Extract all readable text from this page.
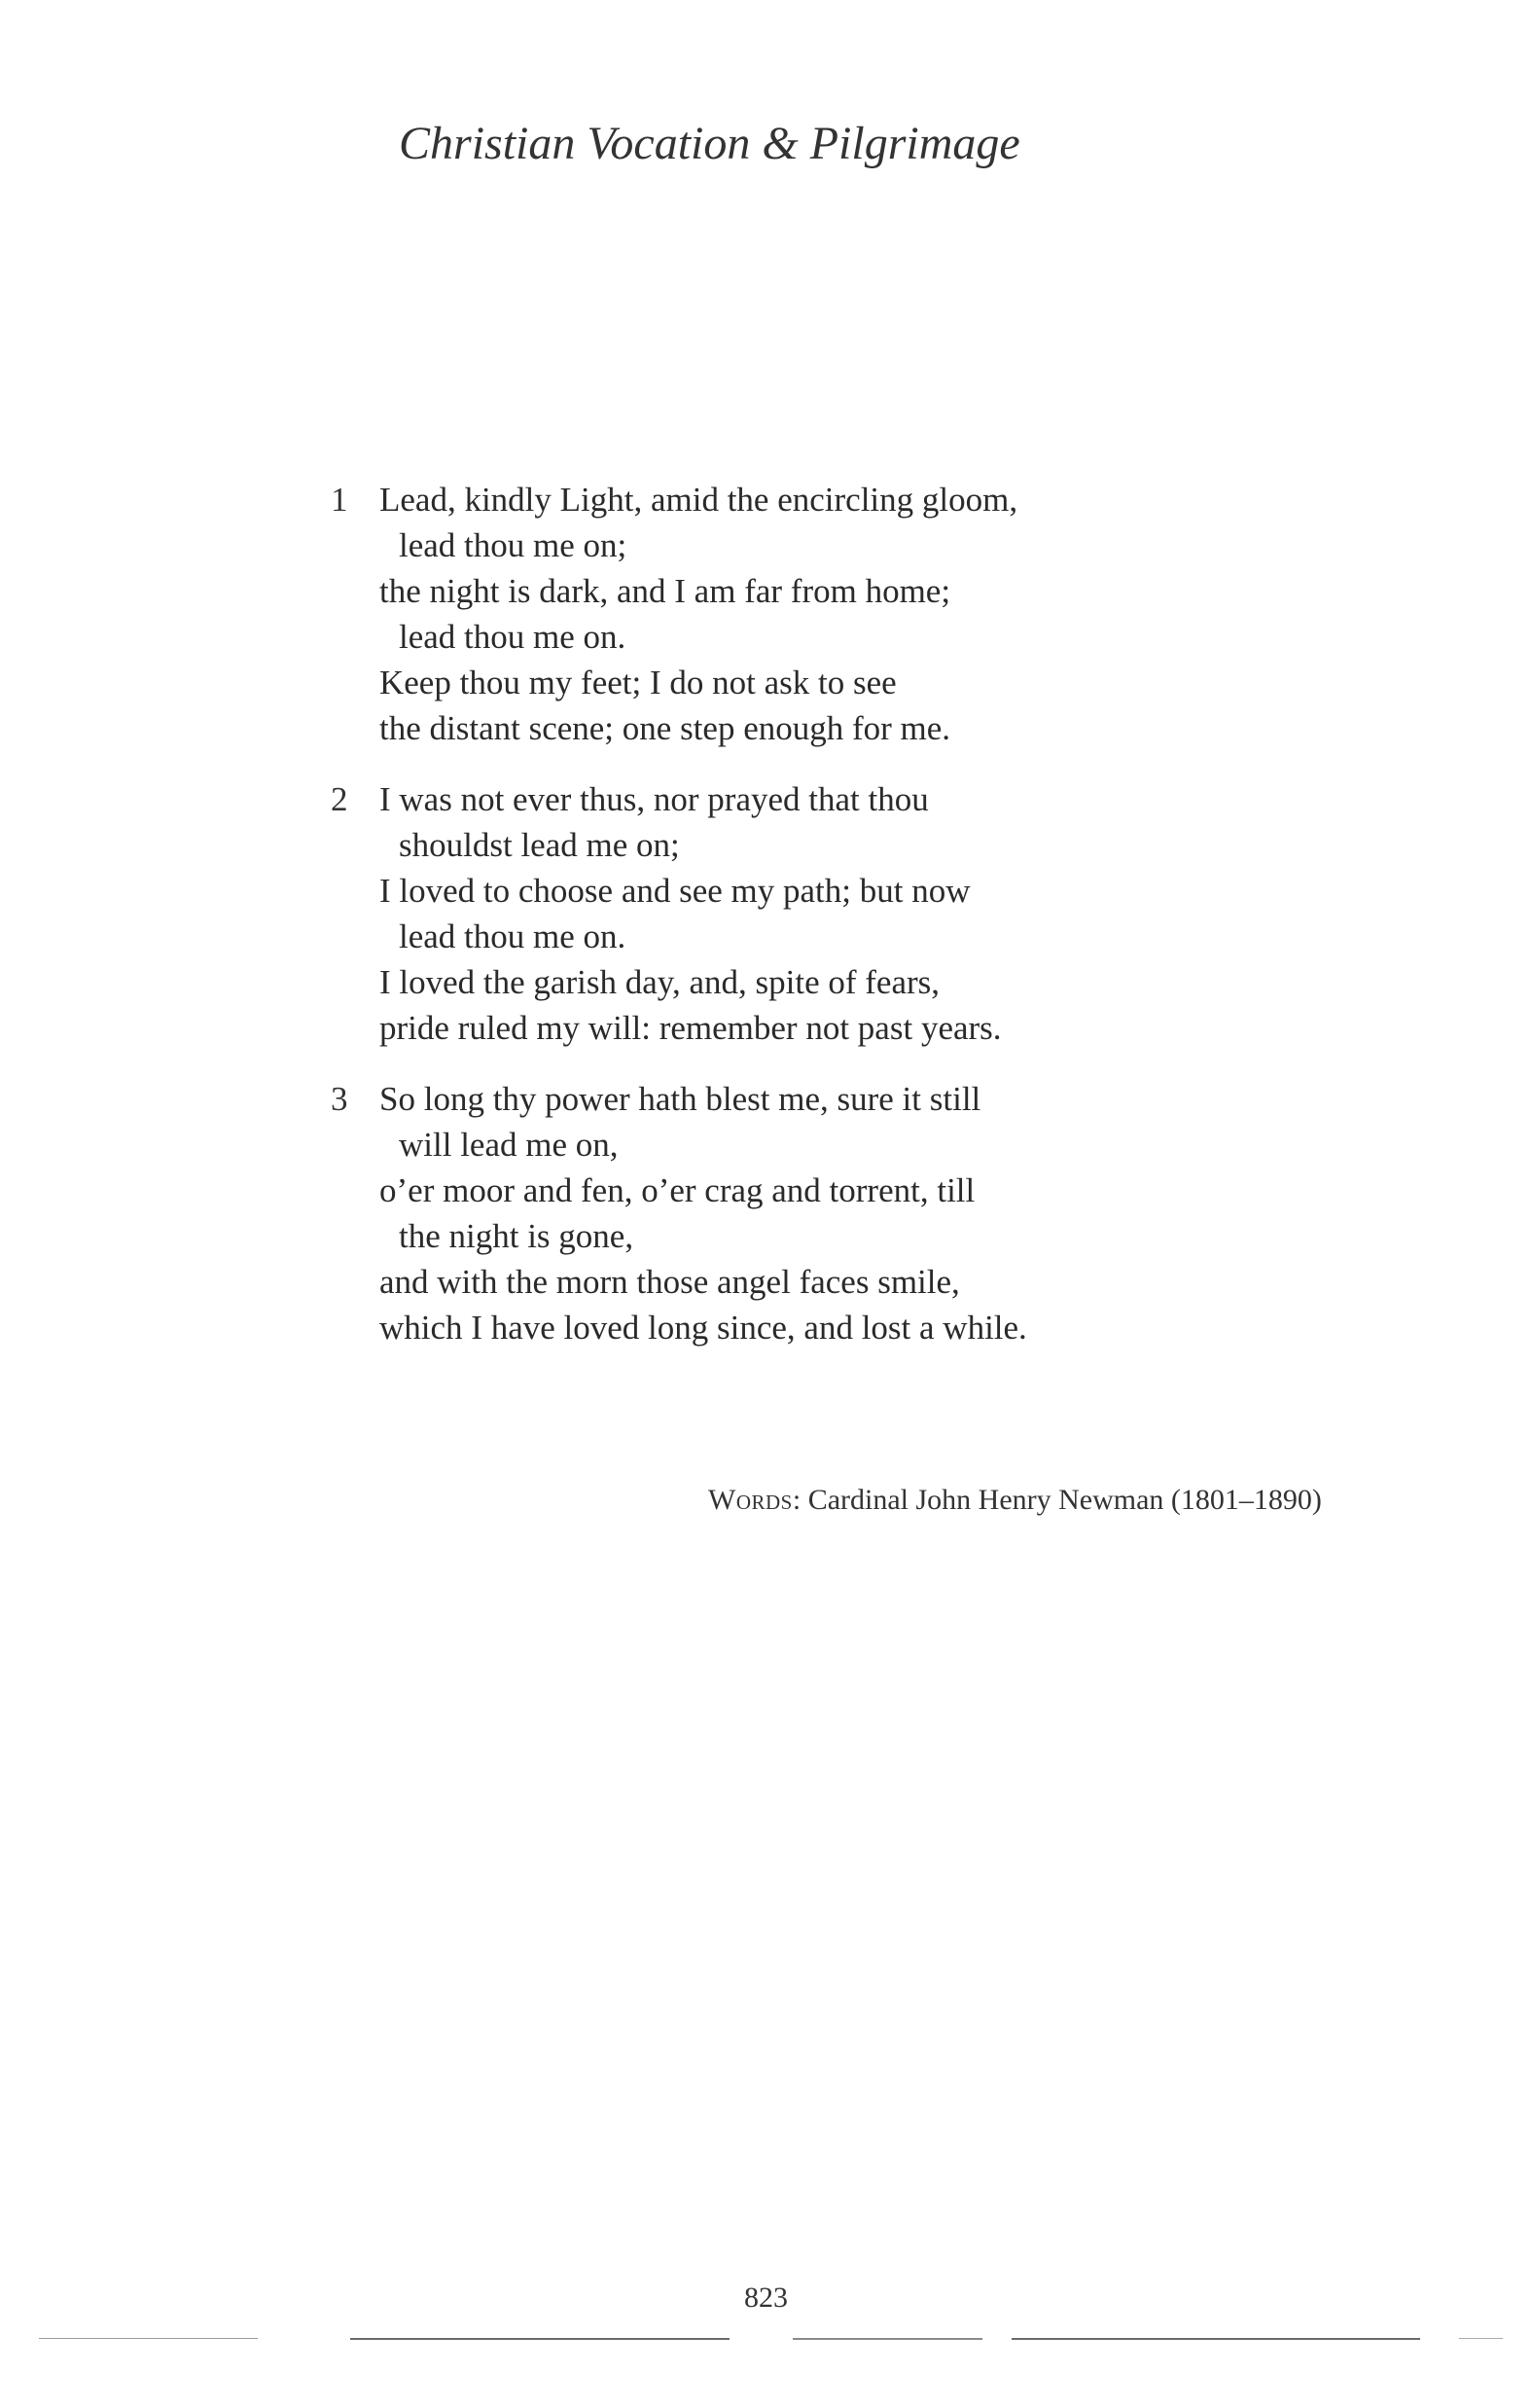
Christian Vocation & Pilgrimage
1 Lead, kindly Light, amid the encircling gloom,
lead thou me on;
the night is dark, and I am far from home;
lead thou me on.
Keep thou my feet; I do not ask to see
the distant scene; one step enough for me.
2 I was not ever thus, nor prayed that thou
shouldst lead me on;
I loved to choose and see my path; but now
lead thou me on.
I loved the garish day, and, spite of fears,
pride ruled my will: remember not past years.
3 So long thy power hath blest me, sure it still
will lead me on,
o’er moor and fen, o’er crag and torrent, till
the night is gone,
and with the morn those angel faces smile,
which I have loved long since, and lost a while.
Words: Cardinal John Henry Newman (1801–1890)
823
